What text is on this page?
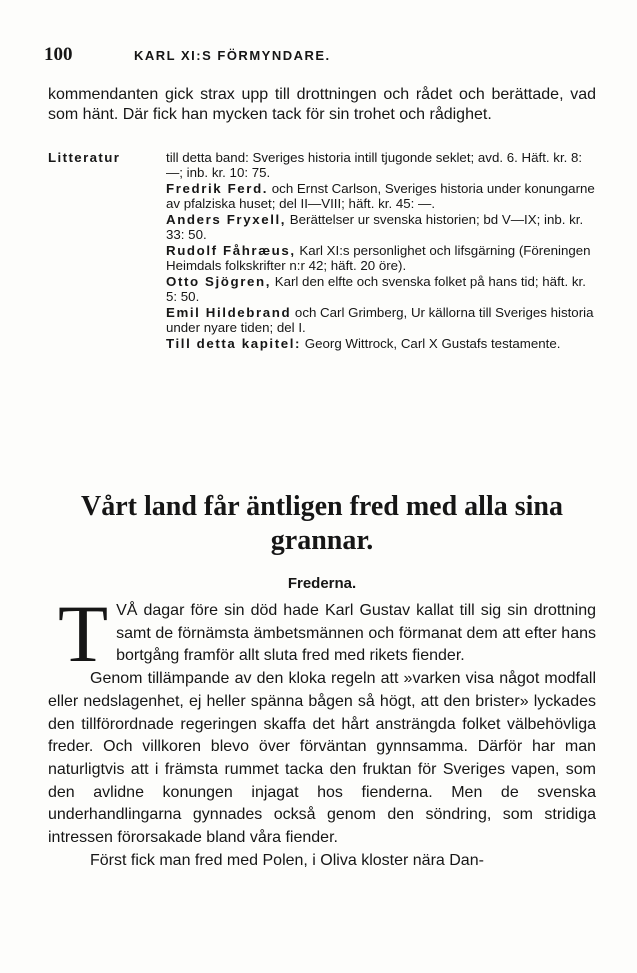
100	KARL XI:S FÖRMYNDARE.

kommendanten gick strax upp till drottningen och rådet och berättade, vad som hänt. Där fick han mycken tack för sin trohet och rådighet.

Litteratur	till detta band: Sveriges historia intill tjugonde seklet; avd. 6. Häft. kr. 8: —; inb. kr. 10: 75.
Fredrik Ferd. och Ernst Carlson, Sveriges historia under konungarne av pfalziska huset; del II—VIII; häft. kr. 45: —.
Anders Fryxell, Berättelser ur svenska historien; bd V—IX; inb. kr. 33: 50.
Rudolf Fåhræus, Karl XI:s personlighet och lifsgärning (Föreningen Heimdals folkskrifter n:r 42; häft. 20 öre).
Otto Sjögren, Karl den elfte och svenska folket på hans tid; häft. kr. 5: 50.
Emil Hildebrand och Carl Grimberg, Ur källorna till Sveriges historia under nyare tiden; del I.
Till detta kapitel: Georg Wittrock, Carl X Gustafs testamente.
Vårt land får äntligen fred med alla sina grannar.
Frederna.

TVÅ dagar före sin död hade Karl Gustav kallat till sig sin drottning samt de förnämsta ämbetsmännen och förmanat dem att efter hans bortgång framför allt sluta fred med rikets fiender.

Genom tillämpande av den kloka regeln att »varken visa något modfall eller nedslagenhet, ej heller spänna bågen så högt, att den brister» lyckades den tillförordnade regeringen skaffa det hårt ansträngda folket välbehövliga freder. Och villkoren blevo över förväntan gynnsamma. Därför har man naturligtvis att i främsta rummet tacka den fruktan för Sveriges vapen, som den avlidne konungen injagat hos fienderna. Men de svenska underhandlingarna gynnades också genom den söndring, som stridiga intressen förorsakade bland våra fiender.

Först fick man fred med Polen, i Oliva kloster nära Dan-
